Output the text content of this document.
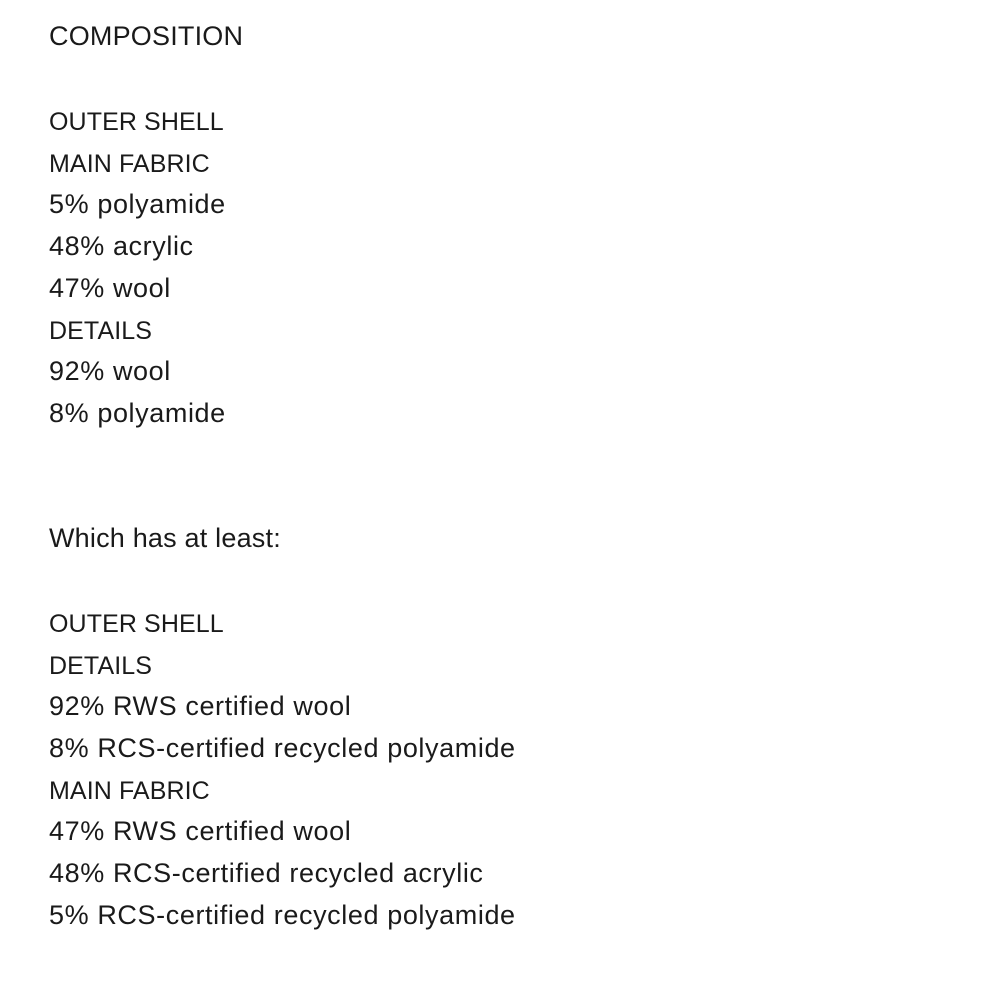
COMPOSITION
OUTER SHELL
MAIN FABRIC
5% polyamide
48% acrylic
47% wool
DETAILS
92% wool
8% polyamide
Which has at least:
OUTER SHELL
DETAILS
92% RWS certified wool
8% RCS-certified recycled polyamide
MAIN FABRIC
47% RWS certified wool
48% RCS-certified recycled acrylic
5% RCS-certified recycled polyamide
